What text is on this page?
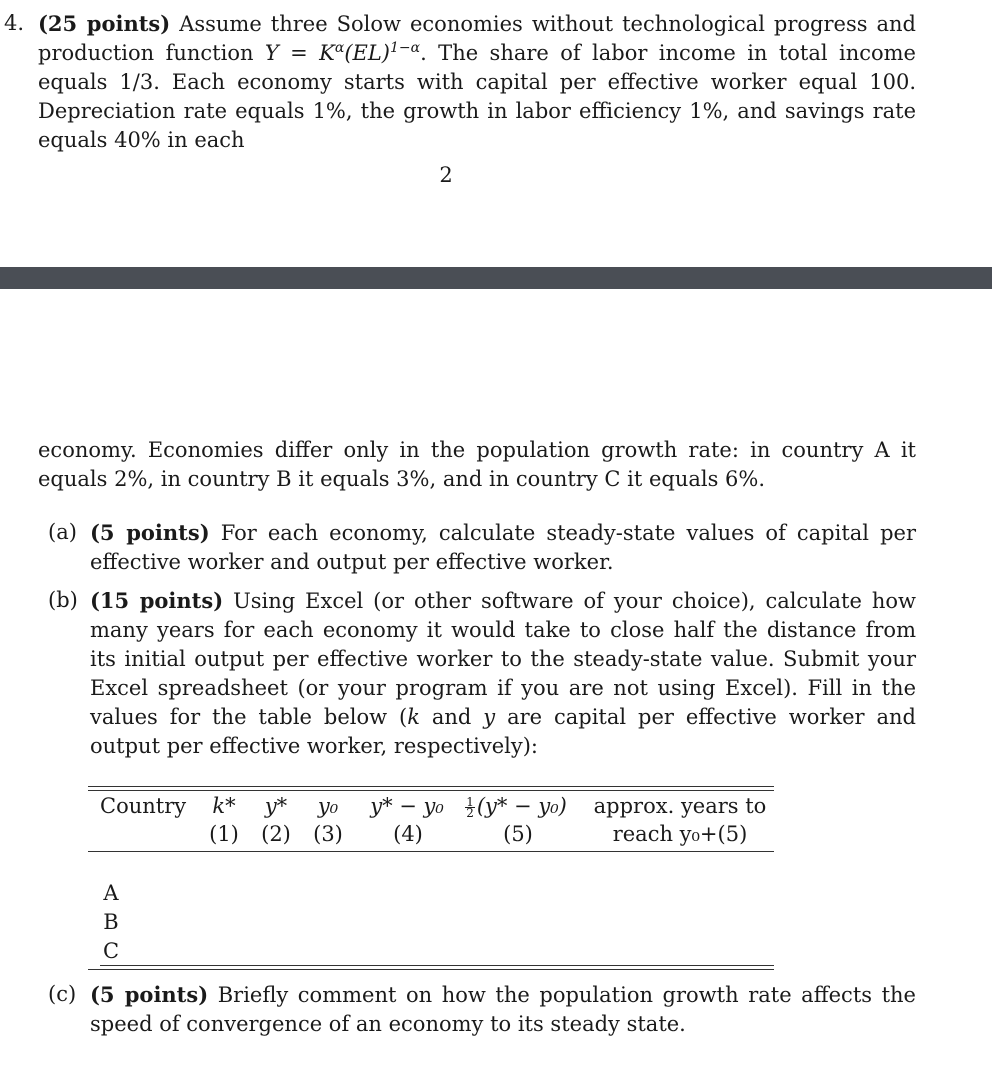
4. (25 points) Assume three Solow economies without technological progress and production function $Y = K^\alpha(EL)^{1-\alpha}$. The share of labor income in total income equals 1/3. Each economy starts with capital per effective worker equal 100. Depreciation rate equals 1%, the growth in labor efficiency 1%, and savings rate equals 40% in each
2
economy. Economies differ only in the population growth rate: in country A it equals 2%, in country B it equals 3%, and in country C it equals 6%.
(a) (5 points) For each economy, calculate steady-state values of capital per effective worker and output per effective worker.
(b) (15 points) Using Excel (or other software of your choice), calculate how many years for each economy it would take to close half the distance from its initial output per effective worker to the steady-state value. Submit your Excel spreadsheet (or your program if you are not using Excel). Fill in the values for the table below (k and y are capital per effective worker and output per effective worker, respectively):
Country k*
(1)
y*
(2)
y₀
(3)
y* − y₀
(4)
$\frac{1}{2} (y* - y_0)$
(5)
approx. years to
reach y₀+(5)
A
B
C
(c) (5 points) Briefly comment on how the population growth rate affects the speed of convergence of an economy to its steady state.
